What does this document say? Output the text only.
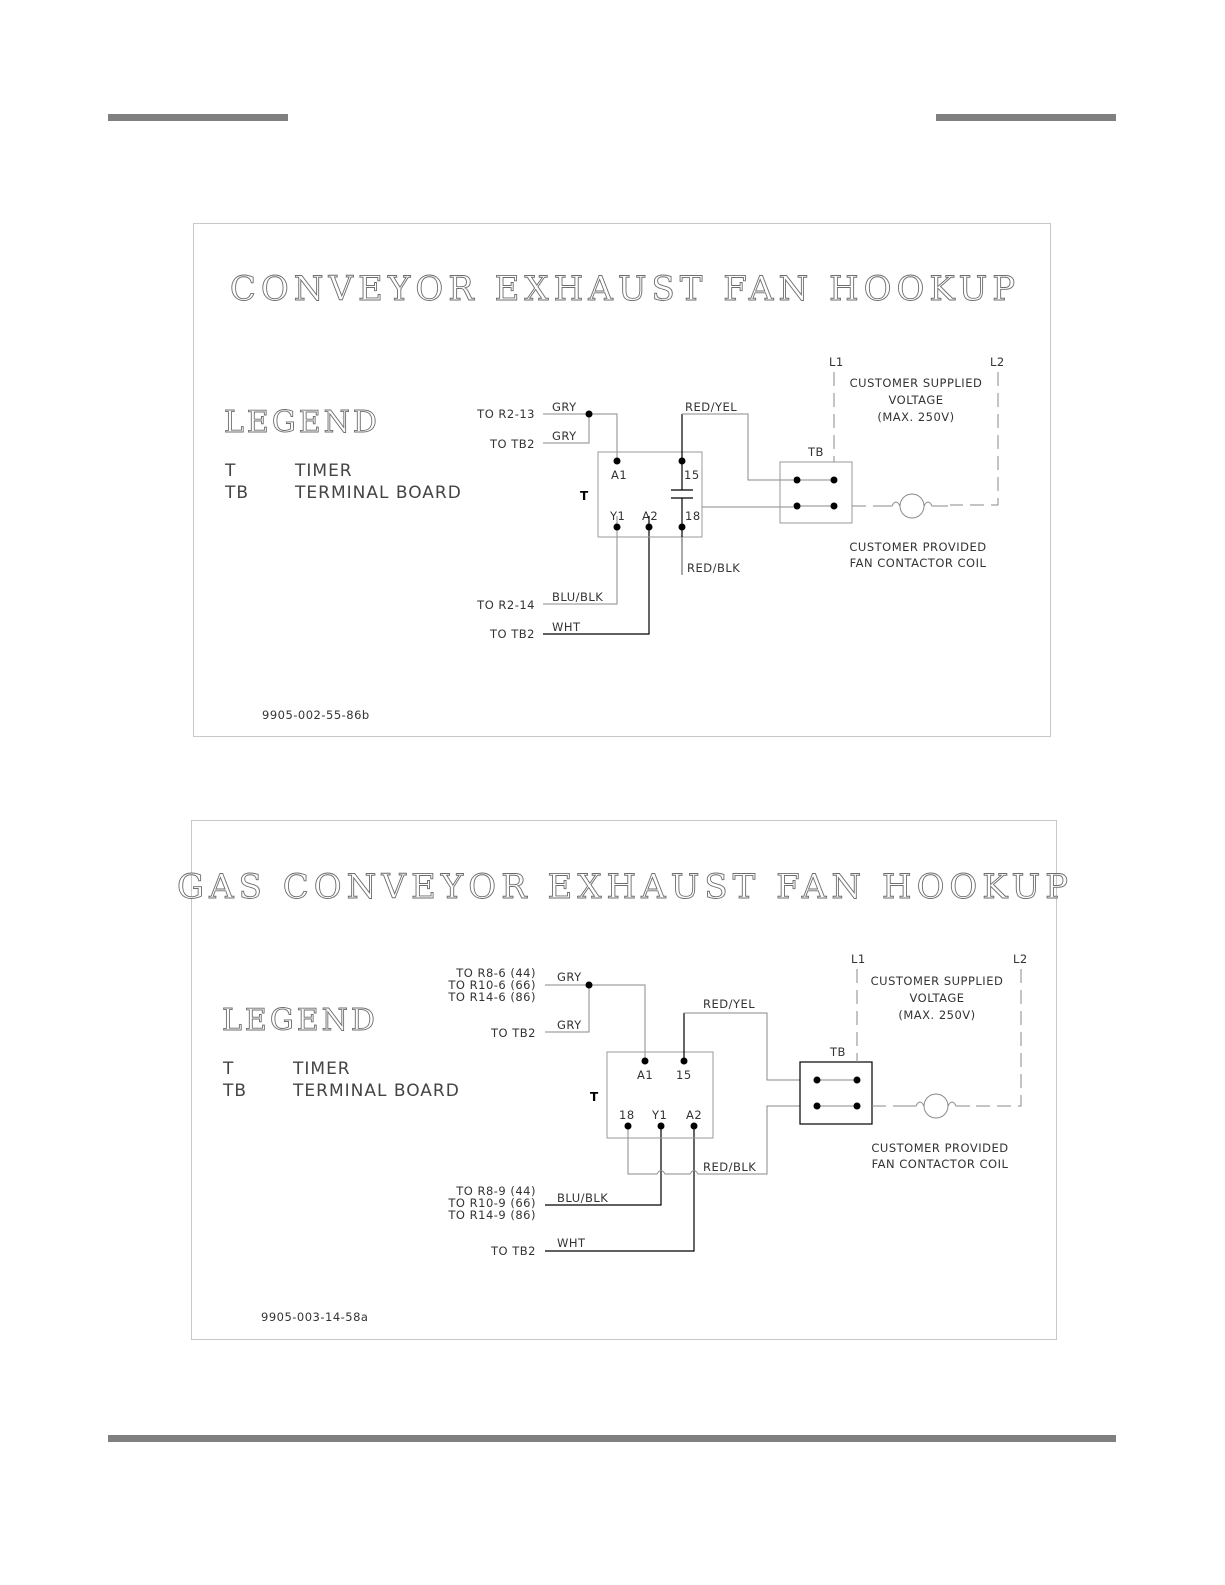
CONVEYOR EXHAUST FAN HOOKUP
LEGEND
T	TIMER
TB	TERMINAL BOARD
TO R2-13
TO TB2
TO R2-14
TO TB2
GRY
GRY
RED/YEL
RED/BLK
BLU/BLK
WHT
T
A1	15
Y1 A2 18
TB
L1	L2
CUSTOMER SUPPLIED
VOLTAGE
(MAX. 250V)
CUSTOMER PROVIDED
FAN CONTACTOR COIL
9905-002-55-86b
GAS CONVEYOR EXHAUST FAN HOOKUP
LEGEND
T	TIMER
TB	TERMINAL BOARD
TO R8-6 (44)
TO R10-6 (66)
TO R14-6 (86)
TO TB2
TO R8-9 (44)
TO R10-9 (66)
TO R14-9 (86)
TO TB2
GRY
GRY
RED/YEL
RED/BLK
BLU/BLK
WHT
T
A1 15
18 Y1 A2
TB
L1	L2
CUSTOMER SUPPLIED
VOLTAGE
(MAX. 250V)
CUSTOMER PROVIDED
FAN CONTACTOR COIL
9905-003-14-58a
